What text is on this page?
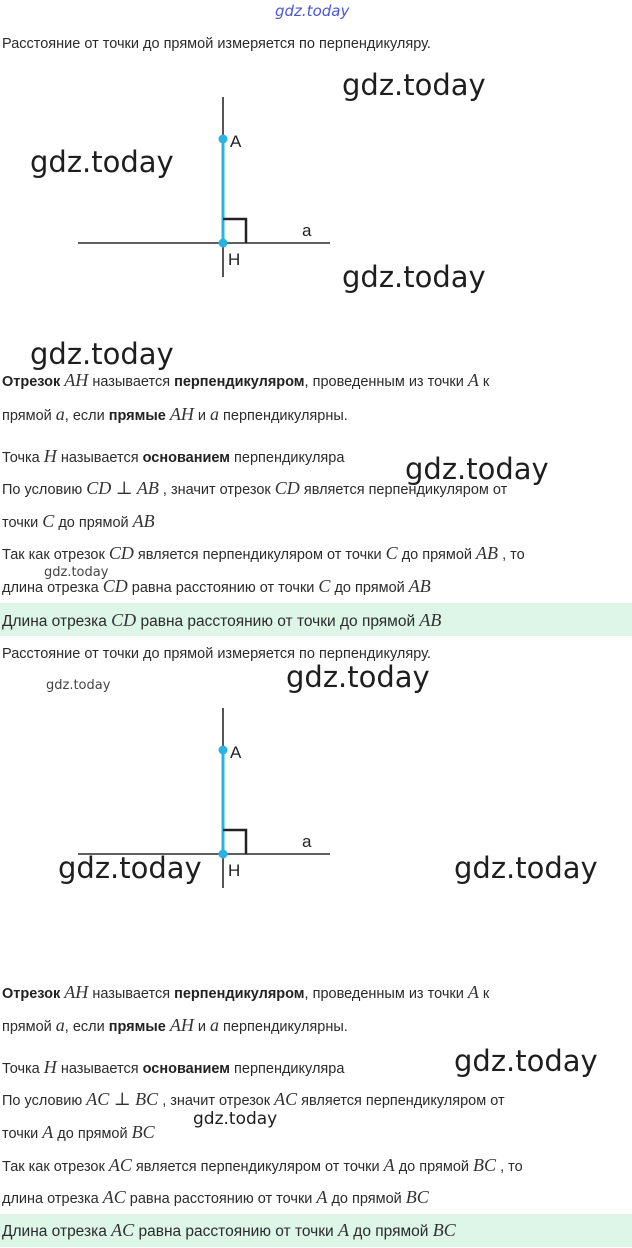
gdz.today
Расстояние от точки до прямой измеряется по перпендикуляру.
A
H
a
gdz.today
gdz.today
gdz.today
gdz.today
Отрезок AH называется перпендикуляром, проведенным из точки A к
прямой a, если прямые AH и a перпендикулярны.
Точка H называется основанием перпендикуляра gdz.today
По условию CD ⊥ AB , значит отрезок CD является перпендикуляром от
точки C до прямой AB
Так как отрезок CD является перпендикуляром от точки C до прямой AB , то
gdz.today
длина отрезка CD равна расстоянию от точки C до прямой AB
Длина отрезка CD равна расстоянию от точки до прямой AB
Расстояние от точки до прямой измеряется по перпендикуляру.
gdz.today	gdz.today
A
H
a
gdz.today	gdz.today
Отрезок AH называется перпендикуляром, проведенным из точки A к
прямой a, если прямые AH и a перпендикулярны.
Точка H называется основанием перпендикуляра	gdz.today
По условию AC ⊥ BC , значит отрезок AC является перпендикуляром от
точки A до прямой BC
gdz.today
Так как отрезок AC является перпендикуляром от точки A до прямой BC , то
длина отрезка AC равна расстоянию от точки A до прямой BC
Длина отрезка AC равна расстоянию от точки A до прямой BC
